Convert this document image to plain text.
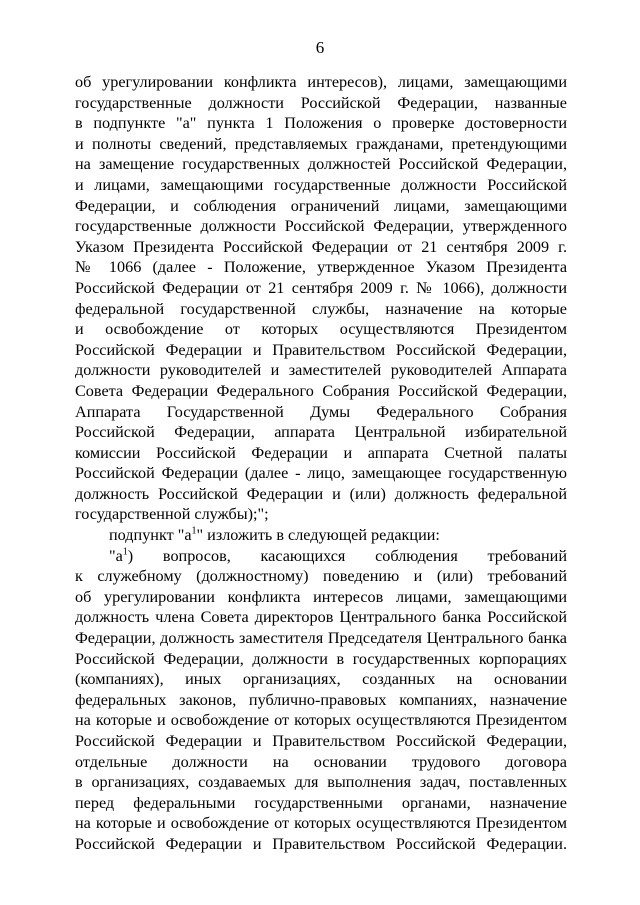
6
об урегулировании конфликта интересов), лицами, замещающими
государственные должности Российской Федерации, названные
в подпункте "а" пункта 1 Положения о проверке достоверности
и полноты сведений, представляемых гражданами, претендующими
на замещение государственных должностей Российской Федерации,
и лицами, замещающими государственные должности Российской
Федерации, и соблюдения ограничений лицами, замещающими
государственные должности Российской Федерации, утвержденного
Указом Президента Российской Федерации от 21 сентября 2009 г.
№ 1066 (далее - Положение, утвержденное Указом Президента
Российской Федерации от 21 сентября 2009 г. № 1066), должности
федеральной государственной службы, назначение на которые
и освобождение от которых осуществляются Президентом
Российской Федерации и Правительством Российской Федерации,
должности руководителей и заместителей руководителей Аппарата
Совета Федерации Федерального Собрания Российской Федерации,
Аппарата Государственной Думы Федерального Собрания
Российской Федерации, аппарата Центральной избирательной
комиссии Российской Федерации и аппарата Счетной палаты
Российской Федерации (далее - лицо, замещающее государственную
должность Российской Федерации и (или) должность федеральной
государственной службы);";
подпункт "$а^1$" изложить в следующей редакции:
"$а^1$) вопросов, касающихся соблюдения требований
к служебному (должностному) поведению и (или) требований
об урегулировании конфликта интересов лицами, замещающими
должность члена Совета директоров Центрального банка Российской
Федерации, должность заместителя Председателя Центрального банка
Российской Федерации, должности в государственных корпорациях
(компаниях), иных организациях, созданных на основании
федеральных законов, публично-правовых компаниях, назначение
на которые и освобождение от которых осуществляются Президентом
Российской Федерации и Правительством Российской Федерации,
отдельные должности на основании трудового договора
в организациях, создаваемых для выполнения задач, поставленных
перед федеральными государственными органами, назначение
на которые и освобождение от которых осуществляются Президентом
Российской Федерации и Правительством Российской Федерации.
